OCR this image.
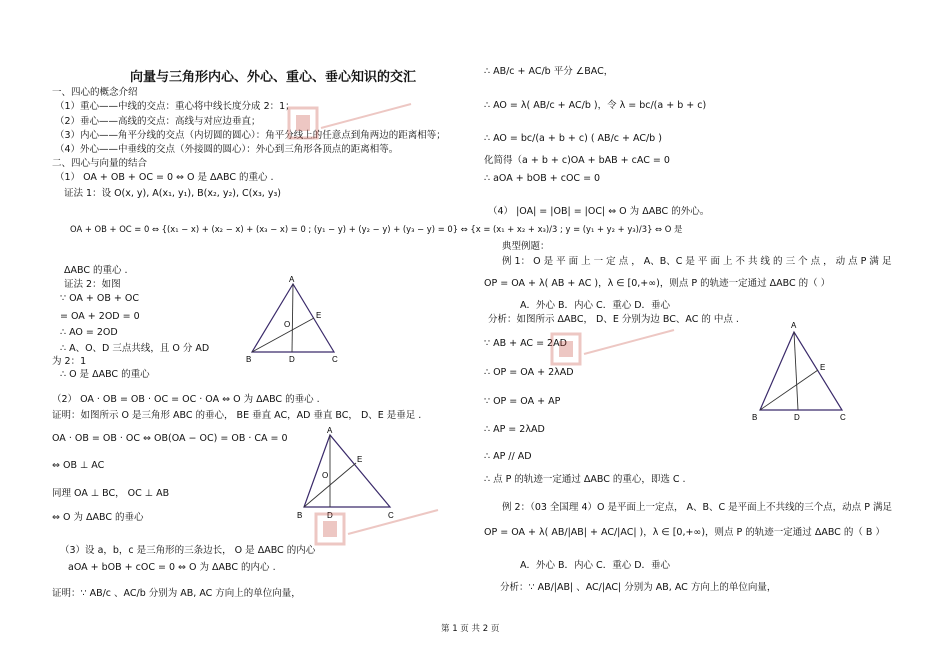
向量与三角形内心、外心、重心、垂心知识的交汇
一、四心的概念介绍
（1）重心——中线的交点：重心将中线长度分成 2：1；
（2）垂心——高线的交点：高线与对应边垂直；
（3）内心——角平分线的交点（内切圆的圆心）：角平分线上的任意点到角两边的距离相等；
（4）外心——中垂线的交点（外接圆的圆心）：外心到三角形各顶点的距离相等。
二、四心与向量的结合
（1） OA + OB + OC = 0 ⇔ O 是 ΔABC 的重心 .
证法 1：设 O(x, y), A(x₁, y₁), B(x₂, y₂), C(x₃, y₃)
OA + OB + OC = 0 ⇔ {(x₁ − x) + (x₂ − x) + (x₃ − x) = 0 ; (y₁ − y) + (y₂ − y) + (y₃ − y) = 0} ⇔ {x = (x₁ + x₂ + x₃)/3 ; y = (y₁ + y₂ + y₃)/3} ⇔ O 是
ΔABC 的重心 .
证法 2：如图
∵ OA + OB + OC
= OA + 2OD = 0
∴ AO = 2OD
∴ A、O、D 三点共线，且 O 分 AD
为 2：1
∴ O 是 ΔABC 的重心
（2） OA · OB = OB · OC = OC · OA ⇔ O 为 ΔABC 的垂心 .
证明：如图所示 O 是三角形 ABC 的垂心， BE 垂直 AC，AD 垂直 BC， D、E 是垂足 .
OA · OB = OB · OC ⇔ OB(OA − OC) = OB · CA = 0
⇔ OB ⊥ AC
同理 OA ⊥ BC， OC ⊥ AB
⇔ O 为 ΔABC 的垂心
（3）设 a，b，c 是三角形的三条边长， O 是 ΔABC 的内心
aOA + bOB + cOC = 0 ⇔ O 为 ΔABC 的内心 .
证明：∵ AB/c 、AC/b 分别为 AB, AC 方向上的单位向量，
A
B	C
D
E
O
A
B	C
D
E
O
∴ AB/c + AC/b 平分 ∠BAC，
∴ AO = λ( AB/c + AC/b )，令 λ = bc/(a + b + c)
∴ AO = bc/(a + b + c) ( AB/c + AC/b )
化简得（a + b + c)OA + bAB + cAC = 0
∴ aOA + bOB + cOC = 0
（4） |OA| = |OB| = |OC| ⇔ O 为 ΔABC 的外心。
典型例题：
例 1： O 是 平 面 上 一 定 点 ， A、B、C 是 平 面 上 不 共 线 的 三 个 点 ， 动 点 P 满 足
OP = OA + λ( AB + AC )，λ ∈ [0,+∞)，则点 P 的轨迹一定通过 ΔABC 的（ ）
A．外心 B．内心 C．重心 D．垂心
分析：如图所示 ΔABC， D、E 分别为边 BC、AC 的 中点 .
∵ AB + AC = 2AD
∴ OP = OA + 2λAD
∵ OP = OA + AP
∴ AP = 2λAD
∴ AP // AD
∴ 点 P 的轨迹一定通过 ΔABC 的重心，即选 C .
例 2：（03 全国理 4）O 是平面上一定点， A、B、C 是平面上不共线的三个点，动点 P 满足
OP = OA + λ( AB/|AB| + AC/|AC| )，λ ∈ [0,+∞)，则点 P 的轨迹一定通过 ΔABC 的（ B ）
A．外心 B．内心 C．重心 D．垂心
分析：∵ AB/|AB| 、AC/|AC| 分别为 AB, AC 方向上的单位向量，
A
B	C
D
E
第 1 页 共 2 页
